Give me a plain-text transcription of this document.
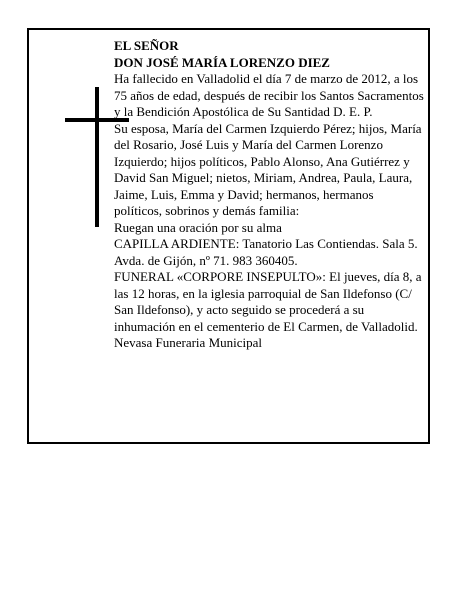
EL SEÑOR

DON JOSÉ MARÍA LORENZO DIEZ

Ha fallecido en Valladolid el día 7 de marzo de 2012, a los 75 años de edad, después de recibir los Santos Sacramentos y la Bendición Apostólica de Su Santidad D. E. P.

Su esposa, María del Carmen Izquierdo Pérez; hijos, María del Rosario, José Luis y María del Carmen Lorenzo Izquierdo; hijos políticos, Pablo Alonso, Ana Gutiérrez y David San Miguel; nietos, Miriam, Andrea, Paula, Laura, Jaime, Luis, Emma y David; hermanos, hermanos políticos, sobrinos y demás familia:

Ruegan una oración por su alma

CAPILLA ARDIENTE: Tanatorio Las Contiendas. Sala 5. Avda. de Gijón, nº 71. 983 360405.

FUNERAL «CORPORE INSEPULTO»: El jueves, día 8, a las 12 horas, en la iglesia parroquial de San Ildefonso (C/ San Ildefonso), y acto seguido se procederá a su inhumación en el cementerio de El Carmen, de Valladolid.

Nevasa Funeraria Municipal
